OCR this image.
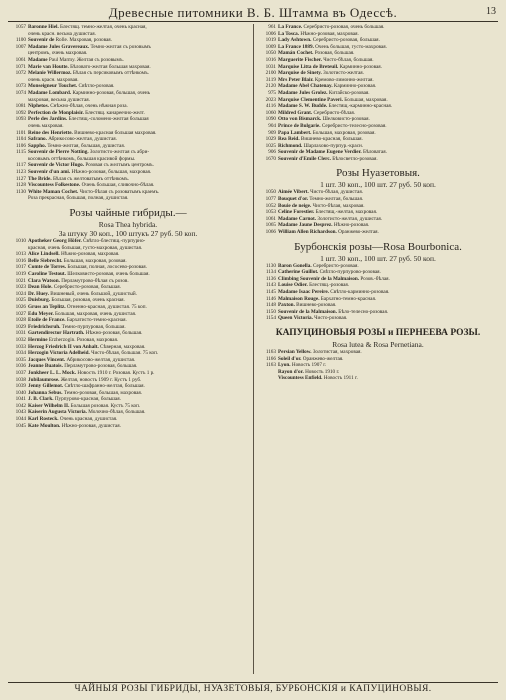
Древесные питомники В. Б. Штамма въ Одессѣ.	13
1057 Baronne Hiel. Блестящ. темно-желтая, очень красная,
очень красн. весьма душистая.
1100 Souvenir de Rolle. Махровая, розовая.
1007 Madame Jules Gravereaux. Темно-желтая съ розовымъ
центромъ, очень махровая.
1061 Madame Paul Marmy. Желтая съ розовымъ.
1071 Marie van Houtte. Бѣловато-желтая большая махровая.
1072 Melanie Willermoz. Бѣлая съ персиковымъ оттѣнкомъ.
очень красн. махровая.
1073 Monseigneur Touchet. Свѣтло-розовая.
1074 Madame Lombard. Карминно-розовая, большая, очень
махровая, весьма душистая.
1081 Niphetos. Снѣжно-бѣлая, очень нѣжная роза.
1092 Perfection de Monplaisir. Блестящ. канареечно-желт.
1093 Perle des Jardins. Блестящ.-соломено-желтая большая
очень махровая.
1101 Reine des Henriette. Вишнево-красная большая махровая.
1104 Safrano. Абрикосово-желтая, душистая.
1106 Sappho. Темно-желтая, большая, душистая.
1115 Souvenir de Pierre Notting. Золотисто-желтая съ абри-
косовымъ оттѣнкомъ, большая красивой формы.
1117 Souvenir de Victor Hugo. Розовая съ желтымъ центромъ.
1123 Souvenir d'un ami. Нѣжно-розовая, большая, махровая.
1127 The Bride. Бѣлая съ желтоватымъ оттѣнкомъ.
1128 Viscountess Folkestone. Очень большая, сливочно-бѣлая.
1130 White Maman Cochet. Чисто-бѣлая съ розоватымъ краемъ.
Роза прекрасная, большая, полная, душистая.
Розы чайные гибриды.—
Rosa Thea hybrida.
За штуку 30 коп., 100 штукъ 27 руб. 50 коп.
1010 Apotheker Georg Höfer. Свѣтло-блестящ.-пурпурно-
красная, очень большая, густо-махровая, душистая.
1013 Alice Lindsell. Нѣжно-розовая, махровая.
1016 Belle Siebrecht. Большая, махровая, розовая.
1017 Comte de Torres. Большая, полная, лососево-розовая.
1019 Caroline Testout. Шелковисто-розовая, очень большая.
1021 Clara Watson. Перламутрово-бѣлая съ розов.
1023 Dean Hole. Серебристо-розовая, большая.
1024 Dr. Huey. Вишневый, очень большой, душистый.
1025 Duisburg. Большая, розовая, очень красная.
1026 Gruss an Teplitz. Огненно-красная, душистая. 75 коп.
1027 Edu Meyer. Большая, махровая, очень душистая.
1028 Etoile de France. Бархатисто-темно-красная.
1029 Friedrichsruh. Темно-пурпуровая, большая.
1031 Gartendirector Hartrath. Нѣжно-розовая, большая.
1032 Hermine Erzherzogin. Розовая, махровая.
1033 Herzog Friedrich II von Anhalt. Сѣверная, махровая.
1034 Herzogin Victoria Adelheid. Чисто-бѣлая, большая. 75 коп.
1035 Jacques Vincent. Абрикосово-желтая, душистая.
1036 Jeanne Buatois. Перламутрово-розовая, большая.
1037 Jonkheer L. L. Mock. Новость 1910 г. Розовая. Кустъ 1 р.
1038 Jubilaumrose. Желтая, новость 1909 г. Кустъ 1 руб.
1039 Jenny Gillemot. Свѣтло-шафранно-желтая, большая.
1040 Johanna Sebus. Темно-розовая, большая, махровая.
1041 J. B. Clark. Пурпурово-красная, большая.
1042 Kaiser Wilhelm II. Большая розовая. Кустъ 75 коп.
1043 Kaiserin Augusta Victoria. Молочно-бѣлая, большая.
1044 Karl Rosteck. Очень красная, душистая.
1045 Kate Moulton. Нѣжно-розовая, душистая.
961 La France. Серебристо-розовая, очень большая.
1006 La Tosca. Нѣжно-розовая, махровая.
1019 Lady Ashtown. Серебристо-розовая, большая.
1009 La France 1889. Очень большая, густо-махровая.
1050 Mamán Cochet. Розовая, большая.
1016 Marguerite Fischer. Чисто-бѣлая, большая.
1031 Marquise Litta de Breteuil. Карминно-розовая.
2100 Marquise de Sinety. Золотисто-желтая.
3119 Mrs Peter Blair. Кремово-лимонно-желтая.
2120 Madame Abel Chatenay. Карминно-розовая.
975 Madame Jules Grolez. Китайско-розовая.
2023 Marquise Clementine Paveri. Большая, махровая.
4116 Madame S. W. Budde. Блестящ.-карминно-красная.
1060 Mildred Grant. Серебристо-бѣлая.
1090 Otto von Bismarck. Шелковисто-розовая.
904 Prince de Bulgarie. Серебристо-телесно-розовая.
909 Papa Lambert. Большая, махровая, розовая.
1029 Rea Reid. Вишнево-красная, большая.
1025 Richmond. Шарлахово-пурпур.-красн.
906 Souvenir de Madame Eugene Verdier. Бѣловатая.
1670 Souvenir d'Emile Clerc. Бѣлосветло-розовая.
Розы Нуазетовыя.
1 шт. 30 коп., 100 шт. 27 руб. 50 коп.
1050 Aimée Vibert. Чисто-бѣлая, душистая.
1077 Bouquet d'or. Темно-желтая, большая.
1052 Bouie de neige. Чисто-бѣлая, махровая.
1053 Celine Forestier. Блестящ.-желтая, махровая.
1061 Madame Carnot. Золотисто-желтая, душистая.
1065 Madame Jaune Desprez. Нѣжно-розовая.
1066 William Allen Richardson. Оранжево-желтая.
Бурбонскія розы—Rosa Bourbonica.
1 шт. 30 коп., 100 шт. 27 руб. 50 коп.
1130 Baron Gonella. Серебристо-розовая.
1134 Catherine Guillot. Свѣтло-пурпурово-розовая.
1136 Climbing Souvenir de la Malmaison. Розов.-бѣлая.
1143 Louise Odier. Блестящ.-розовая.
1145 Madame Isaac Pereire. Свѣтло-карминно-розовая.
1146 Malmaison Rouge. Бархатно-темно-красная.
1148 Paxton. Вишнево-розовая.
1150 Souvenir de la Malmaison. Бѣло-телесно-розовая.
1154 Queen Victoria. Чисто-розовая.
КАПУЦИНОВЫЯ РОЗЫ и ПЕРНЕЕВА РОЗЫ.
Rosa lutea & Rosa Pernetiana.
1163 Persian Yellow. Золотистая, махровая.
1166 Soleil d'or. Оранжево-желтая.
1163 Lyon. Новость 1907 г.
Rayon d'or. Новость 1910 г.
Viscountess Enfield. Новость 1911 г.
ЧАЙНЫЯ РОЗЫ ГИБРИДЫ, НУАЗЕТОВЫЯ, БУРБОНСКІЯ и КАПУЦИНОВЫЯ.
